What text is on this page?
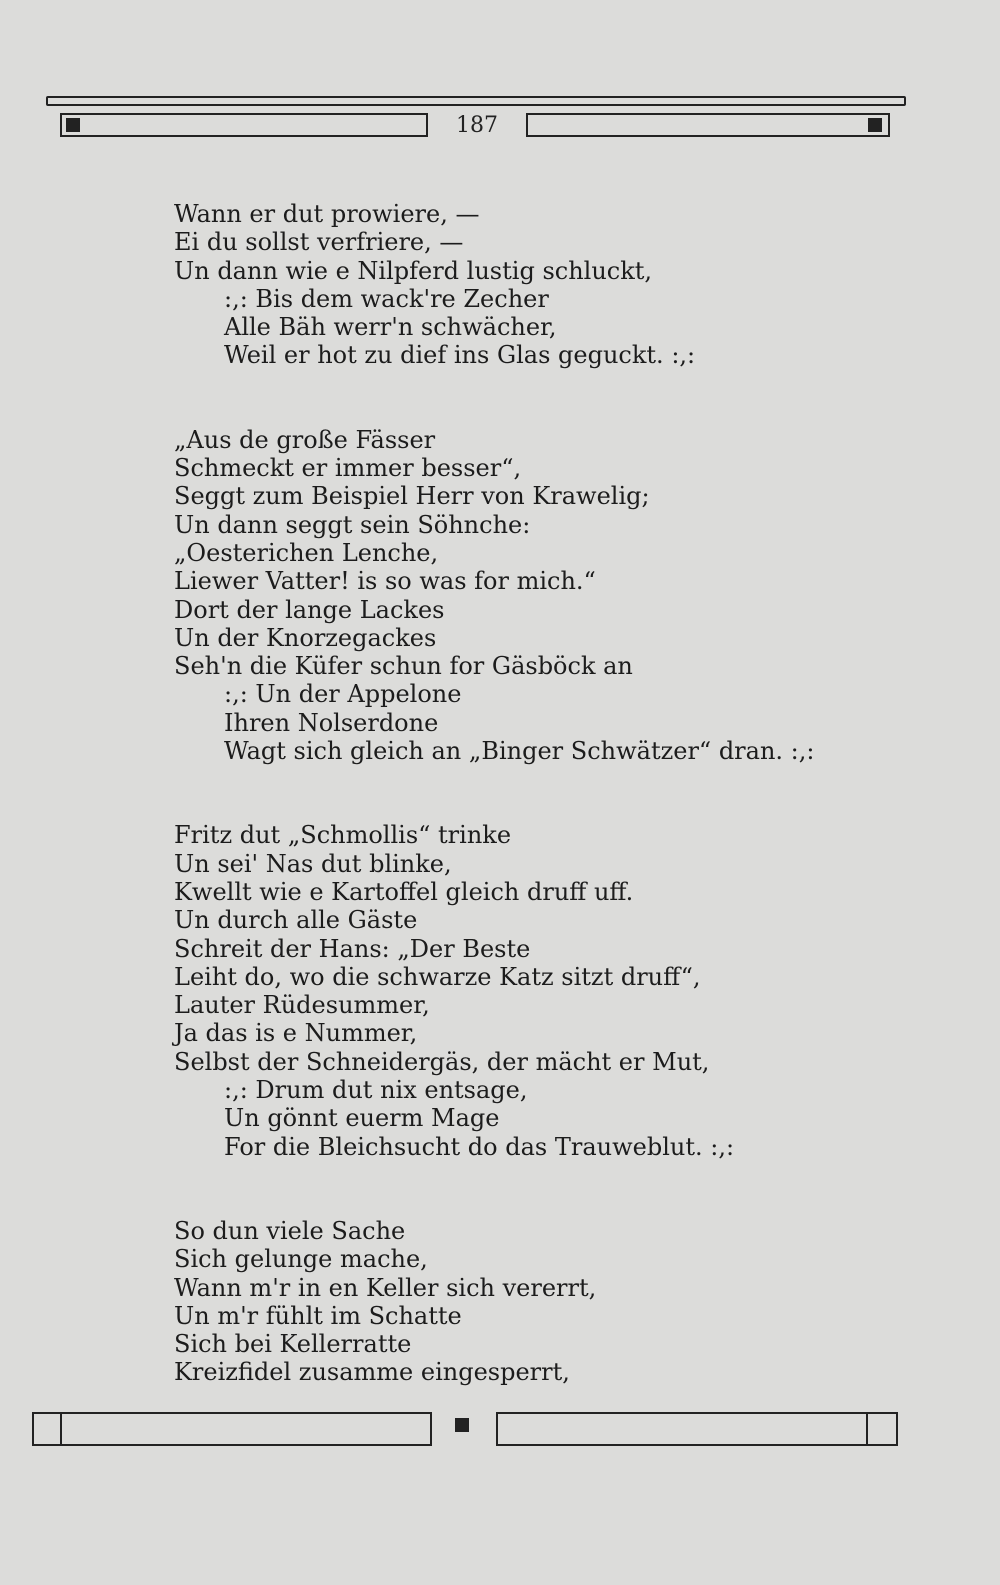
187
Wann er dut prowiere, —
Ei du sollst verfriere, —
Un dann wie e Nilpferd lustig schluckt,
:,: Bis dem wack're Zecher
Alle Bäh werr'n schwächer,
Weil er hot zu dief ins Glas geguckt. :,:
„Aus de große Fässer
Schmeckt er immer besser“,
Seggt zum Beispiel Herr von Krawelig;
Un dann seggt sein Söhnche:
„Oesterichen Lenche,
Liewer Vatter! is so was for mich.“
Dort der lange Lackes
Un der Knorzegackes
Seh'n die Küfer schun for Gäsböck an
:,: Un der Appelone
Ihren Nolserdone
Wagt sich gleich an „Binger Schwätzer“ dran. :,:
Fritz dut „Schmollis“ trinke
Un sei' Nas dut blinke,
Kwellt wie e Kartoffel gleich druff uff.
Un durch alle Gäste
Schreit der Hans: „Der Beste
Leiht do, wo die schwarze Katz sitzt druff“,
Lauter Rüdesummer,
Ja das is e Nummer,
Selbst der Schneidergäs, der mächt er Mut,
:,: Drum dut nix entsage,
Un gönnt euerm Mage
For die Bleichsucht do das Trauweblut. :,:
So dun viele Sache
Sich gelunge mache,
Wann m'r in en Keller sich vererrt,
Un m'r fühlt im Schatte
Sich bei Kellerratte
Kreizfidel zusamme eingesperrt,
